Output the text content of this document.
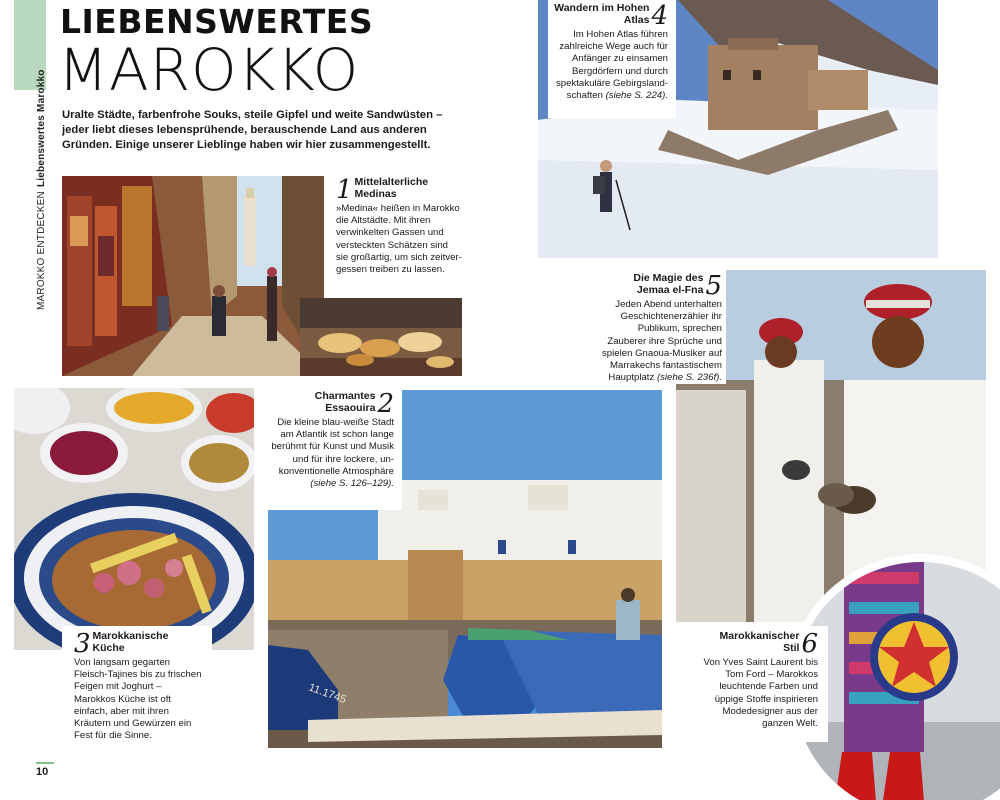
LIEBENSWERTES
MAROKKO
MAROKKO ENTDECKENLiebenswertes Marokko Uralte Städte, farbenfrohe Souks, steile Gipfel und weite Sandwüsten – jeder liebt dieses lebensprühende, berauschende Land aus anderen Gründen. Einige unserer Lieblinge haben wir hier zusammengestellt.
1 Mittelalterliche Medinas
»Medina« heißen in Marokko die Altstädte. Mit ihren verwinkelten Gassen und versteckten Schätzen sind sie großartig, um sich zeitvergessen treiben zu lassen.
Wandern im Hohen Atlas 4
Im Hohen Atlas führen zahlreiche Wege auch für Anfänger zu einsamen Bergdörfern und durch spektakuläre Gebirgslandschaften (siehe S. 224).
Die Magie des Jemaa el-Fna 5
Jeden Abend unterhalten Geschichtenerzähler ihr Publikum, sprechen Zauberer ihre Sprüche und spielen Gnaoua-Musiker auf Marrakechs fantastischem Hauptplatz (siehe S. 236f).
3 Marokkanische Küche
Von langsam gegarten Fleisch-Tajines bis zu frischen Feigen mit Joghurt – Marokkos Küche ist oft einfach, aber mit ihren Kräutern und Gewürzen ein Fest für die Sinne.
11.1745
Charmantes Essaouira 2
Die kleine blau-weiße Stadt am Atlantik ist schon lange berühmt für Kunst und Musik und für ihre lockere, unkonventionelle Atmosphäre (siehe S. 126–129).
Marokkanischer Stil 6
Von Yves Saint Laurent bis Tom Ford – Marokkos leuchtende Farben und üppige Stoffe inspirieren Modedesigner aus der ganzen Welt.
10
